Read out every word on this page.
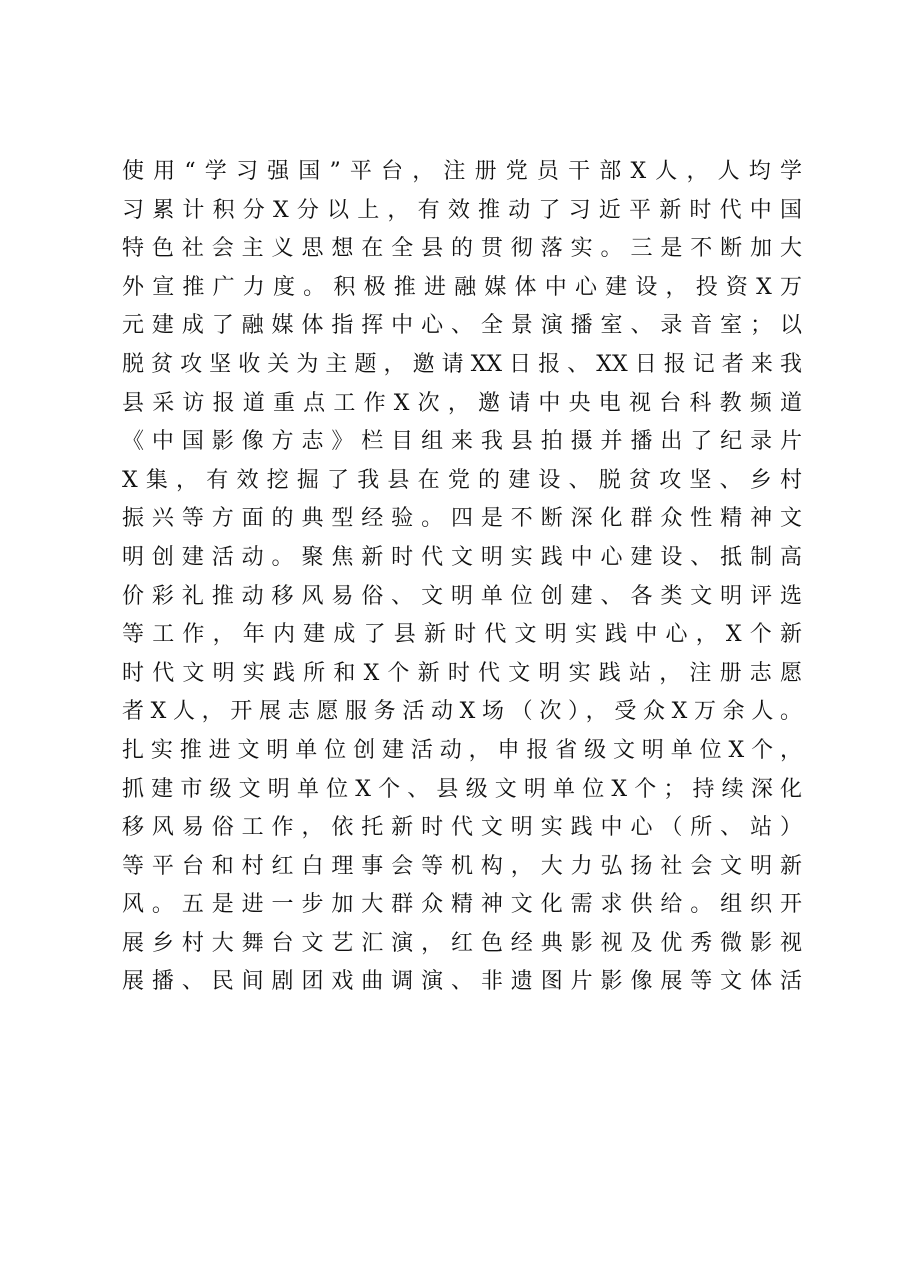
使用“学习强国”平台，注册党员干部X人，人均学
习累计积分X分以上，有效推动了习近平新时代中国
特色社会主义思想在全县的贯彻落实。三是不断加大
外宣推广力度。积极推进融媒体中心建设，投资X万
元建成了融媒体指挥中心、全景演播室、录音室；以
脱贫攻坚收关为主题，邀请XX日报、XX日报记者来我
县采访报道重点工作X次，邀请中央电视台科教频道
《中国影像方志》栏目组来我县拍摄并播出了纪录片
X集，有效挖掘了我县在党的建设、脱贫攻坚、乡村
振兴等方面的典型经验。四是不断深化群众性精神文
明创建活动。聚焦新时代文明实践中心建设、抵制高
价彩礼推动移风易俗、文明单位创建、各类文明评选
等工作，年内建成了县新时代文明实践中心，X个新
时代文明实践所和X个新时代文明实践站，注册志愿
者X人，开展志愿服务活动X场（次），受众X万余人。
扎实推进文明单位创建活动，申报省级文明单位X个，
抓建市级文明单位X个、县级文明单位X个；持续深化
移风易俗工作，依托新时代文明实践中心（所、站）
等平台和村红白理事会等机构，大力弘扬社会文明新
风。五是进一步加大群众精神文化需求供给。组织开
展乡村大舞台文艺汇演，红色经典影视及优秀微影视
展播、民间剧团戏曲调演、非遗图片影像展等文体活
